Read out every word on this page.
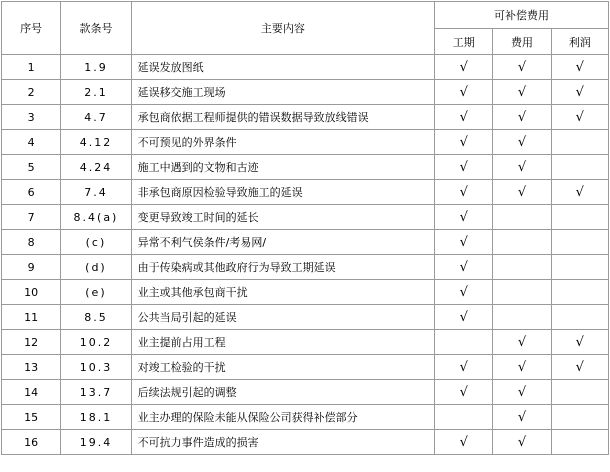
序号	款条号	主要内容	可补偿费用		
			工期	费用	利润
1	1.9	延误发放图纸	√	√	√
2	2.1	延误移交施工现场	√	√	√
3	4.7	承包商依据工程师提供的错误数据导致放线错误	√	√	√
4	4.12	不可预见的外界条件	√	√	
5	4.24	施工中遇到的文物和古迹	√	√	
6	7.4	非承包商原因检验导致施工的延误	√	√	√
7	8.4(a)	变更导致竣工时间的延长	√		
8	(c)	异常不利气侯条件/考易网/	√		
9	(d)	由于传染病或其他政府行为导致工期延误	√		
10	(e)	业主或其他承包商干扰	√		
11	8.5	公共当局引起的延误	√		
12	10.2	业主提前占用工程		√	√
13	10.3	对竣工检验的干扰	√	√	√
14	13.7	后续法规引起的调整	√	√	
15	18.1	业主办理的保险未能从保险公司获得补偿部分		√	
16	19.4	不可抗力事件造成的损害	√	√	
